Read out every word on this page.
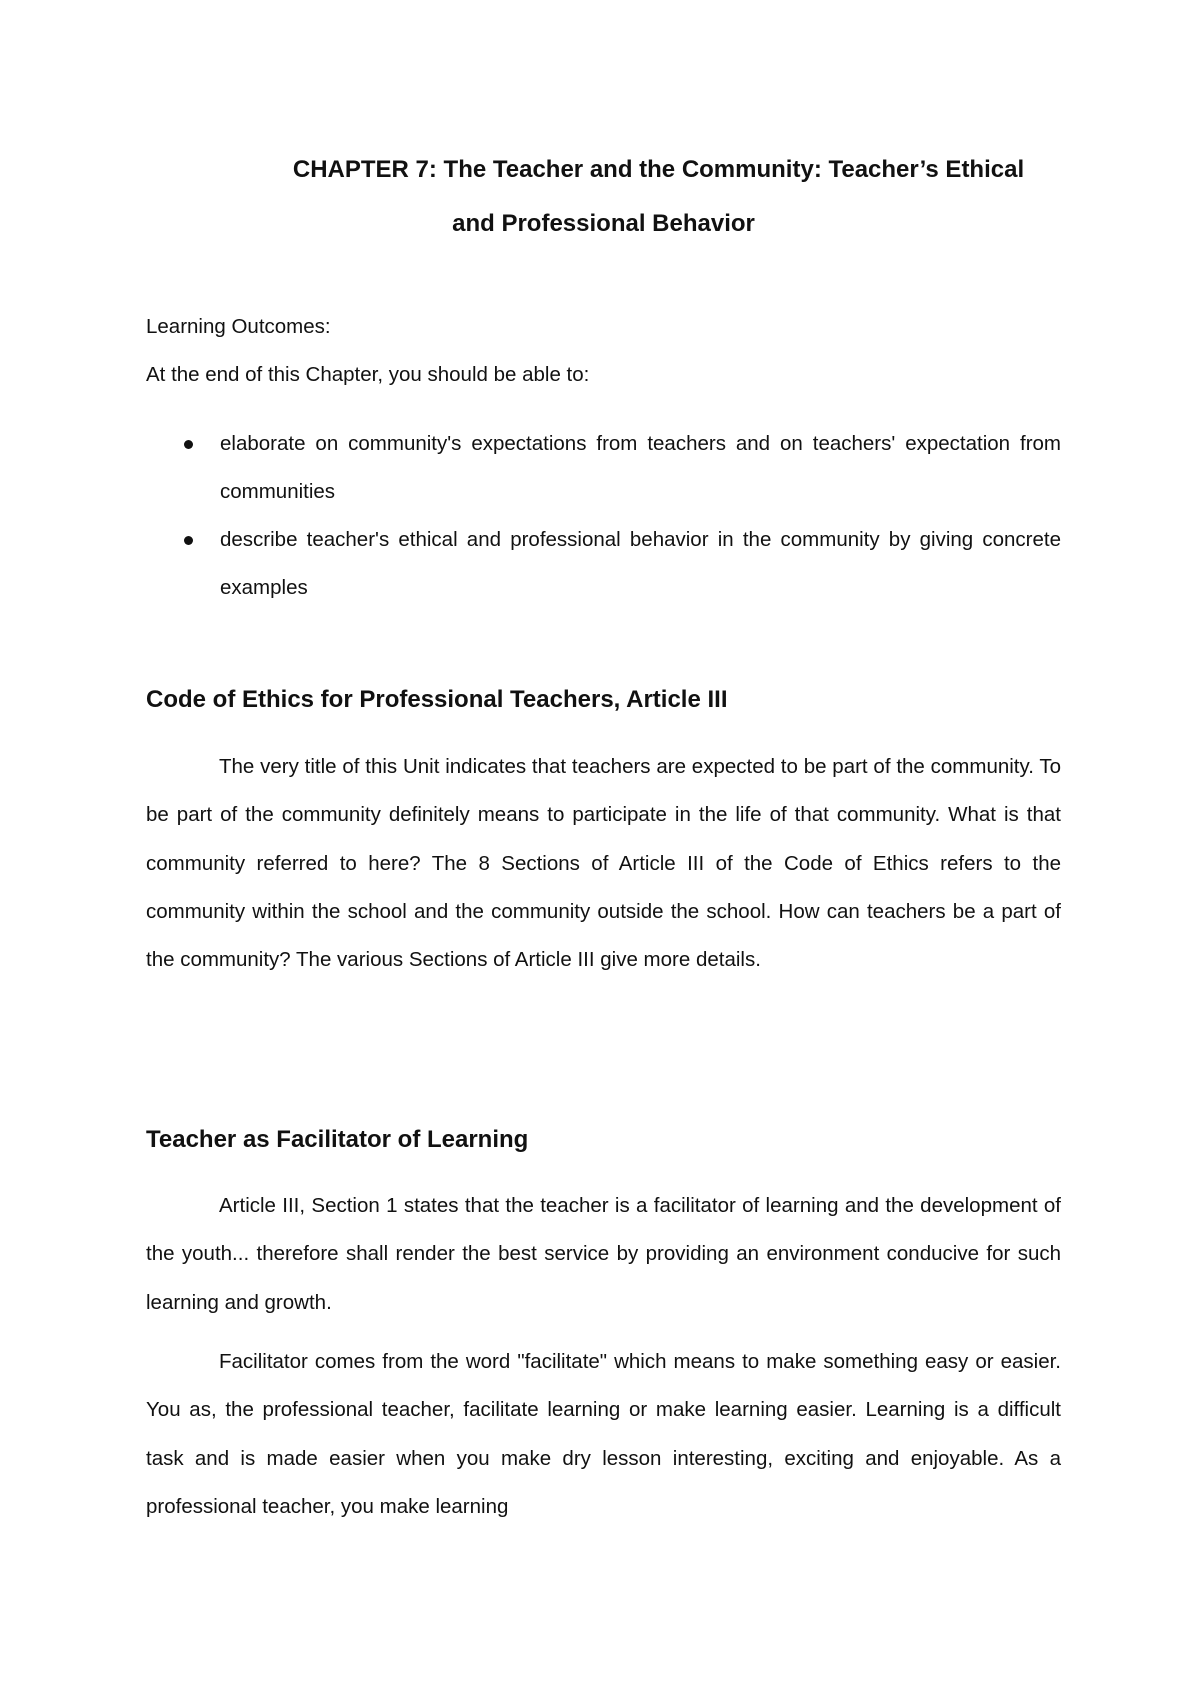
CHAPTER 7: The Teacher and the Community: Teacher’s Ethical
and Professional Behavior
Learning Outcomes:
At the end of this Chapter, you should be able to:
elaborate on community's expectations from teachers and on teachers' expectation from communities
describe teacher's ethical and professional behavior in the community by giving concrete examples
Code of Ethics for Professional Teachers, Article III

The very title of this Unit indicates that teachers are expected to be part of the community. To be part of the community definitely means to participate in the life of that community. What is that community referred to here? The 8 Sections of Article III of the Code of Ethics refers to the community within the school and the community outside the school. How can teachers be a part of the community? The various Sections of Article III give more details.

Teacher as Facilitator of Learning

Article III, Section 1 states that the teacher is a facilitator of learning and the development of the youth... therefore shall render the best service by providing an environment conducive for such learning and growth.

Facilitator comes from the word "facilitate" which means to make something easy or easier. You as, the professional teacher, facilitate learning or make learning easier. Learning is a difficult task and is made easier when you make dry lesson interesting, exciting and enjoyable. As a professional teacher, you make learning
